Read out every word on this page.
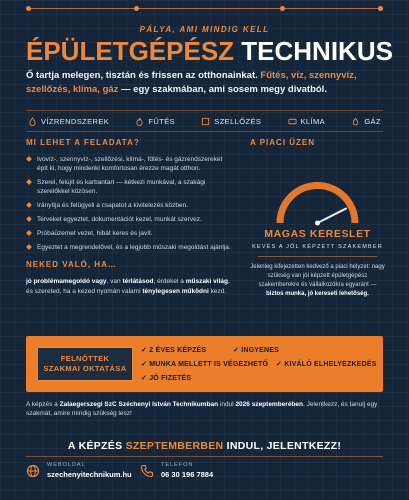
PÁLYA, AMI MINDIG KELL
ÉPÜLETGÉPÉSZ TECHNIKUS
Ő tartja melegen, tisztán és frissen az otthonainkat. Fűtés, víz, szennyvíz, szellőzés, klíma, gáz — egy szakmában, ami sosem megy divatból.
VÍZRENDSZEREK	FŰTÉS	SZELLŐZÉS	KLÍMA	GÁZ
MI LEHET A FELADATA?
Ivóvíz-, szennyvíz-, szellőzési, klíma-, fűtés- és gázrendszereket épít ki, hogy mindenki komfortosan érezze magát otthon.
Szerel, felújít és karbantart — kétkezi munkával, a szakági szerelőkkel közösen.
Irányítja és felügyeli a csapatot a kivitelezés közben.
Terveket egyeztet, dokumentációt kezel, munkát szervez.
Próbaüzemet vezet, hibát keres és javít.
Egyeztet a megrendelővel, és a legjobb műszaki megoldást ajánlja.
NEKED VALÓ, HA…

jó problémamegoldó vagy, van térlátásod, érdekel a műszaki világ, és szereted, ha a kezed nyomán valami ténylegesen működni kezd.

A PIACI ŰZEN
MAGAS KERESLET
KEVÉS A JÓL KÉPZETT SZAKEMBER
Jelenleg kifejezetten kedvező a piaci helyzet: nagy szükség van jól képzett épületgépész szakemberekre és vállalkozókra egyaránt — biztos munka, jó kereseti lehetőség.
FELNŐTTEK
SZAKMAI OKTATÁSA
✓ 2 ÉVES KÉPZÉS	✓ INGYENES
✓ MUNKA MELLETT IS VÉGEZHETŐ	✓ KIVÁLÓ ELHELYEZKEDÉS
✓ JÓ FIZETÉS
A képzés a Zalaegerszegi SzC Széchenyi István Technikumban indul 2026 szeptemberében. Jelentkezz, és tanulj egy szakmát, amire mindig szükség lesz!
A KÉPZÉS SZEPTEMBERBEN INDUL, JELENTKEZZ!
WEBOLDAL
szechenyitechnikum.hu
TELEFON
06 30 196 7884
